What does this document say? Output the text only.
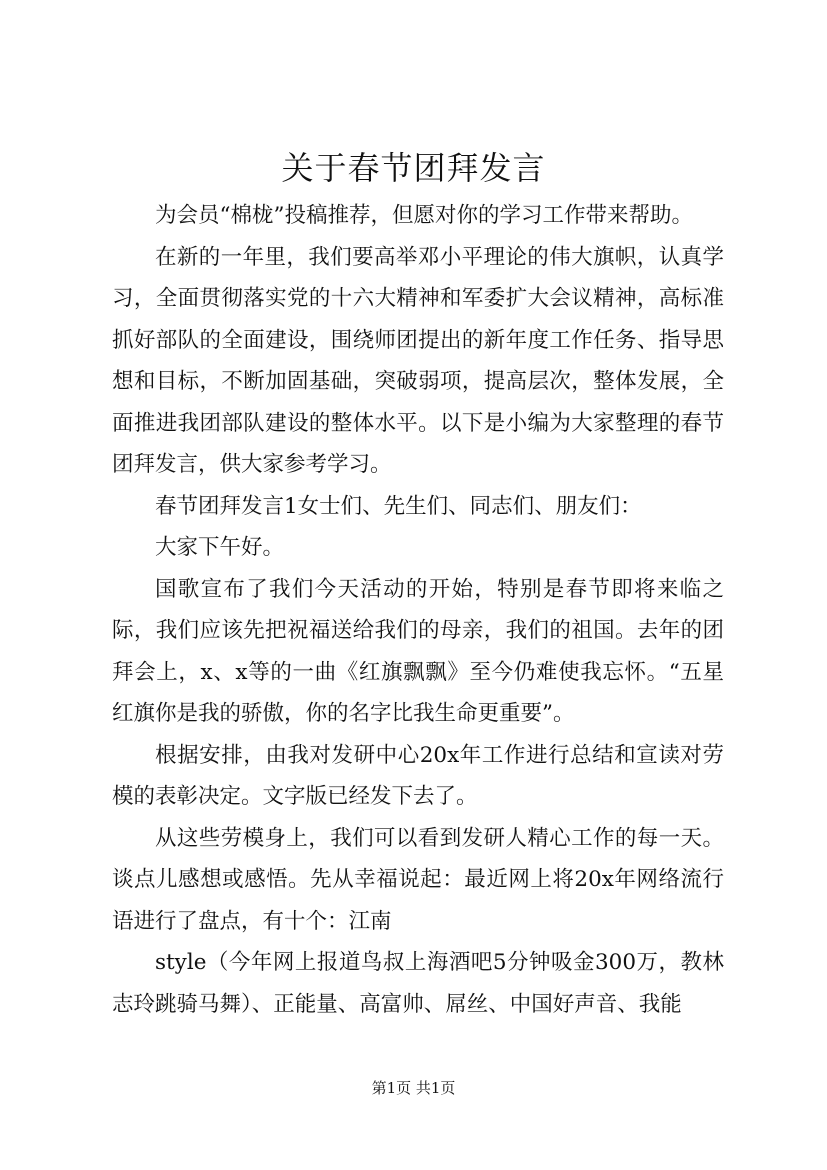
关于春节团拜发言

为会员“棉栊”投稿推荐，但愿对你的学习工作带来帮助。

在新的一年里，我们要高举邓小平理论的伟大旗帜，认真学习，全面贯彻落实党的十六大精神和军委扩大会议精神，高标准抓好部队的全面建设，围绕师团提出的新年度工作任务、指导思想和目标，不断加固基础，突破弱项，提高层次，整体发展，全面推进我团部队建设的整体水平。以下是小编为大家整理的春节团拜发言，供大家参考学习。

春节团拜发言1女士们、先生们、同志们、朋友们：

大家下午好。

国歌宣布了我们今天活动的开始，特别是春节即将来临之际，我们应该先把祝福送给我们的母亲，我们的祖国。去年的团拜会上，x、x等的一曲《红旗飘飘》至今仍难使我忘怀。“五星红旗你是我的骄傲，你的名字比我生命更重要”。

根据安排，由我对发研中心20x年工作进行总结和宣读对劳模的表彰决定。文字版已经发下去了。

从这些劳模身上，我们可以看到发研人精心工作的每一天。谈点儿感想或感悟。先从幸福说起：最近网上将20x年网络流行语进行了盘点，有十个：江南

style（今年网上报道鸟叔上海酒吧5分钟吸金300万，教林志玲跳骑马舞）、正能量、高富帅、屌丝、中国好声音、我能

第1页 共1页
